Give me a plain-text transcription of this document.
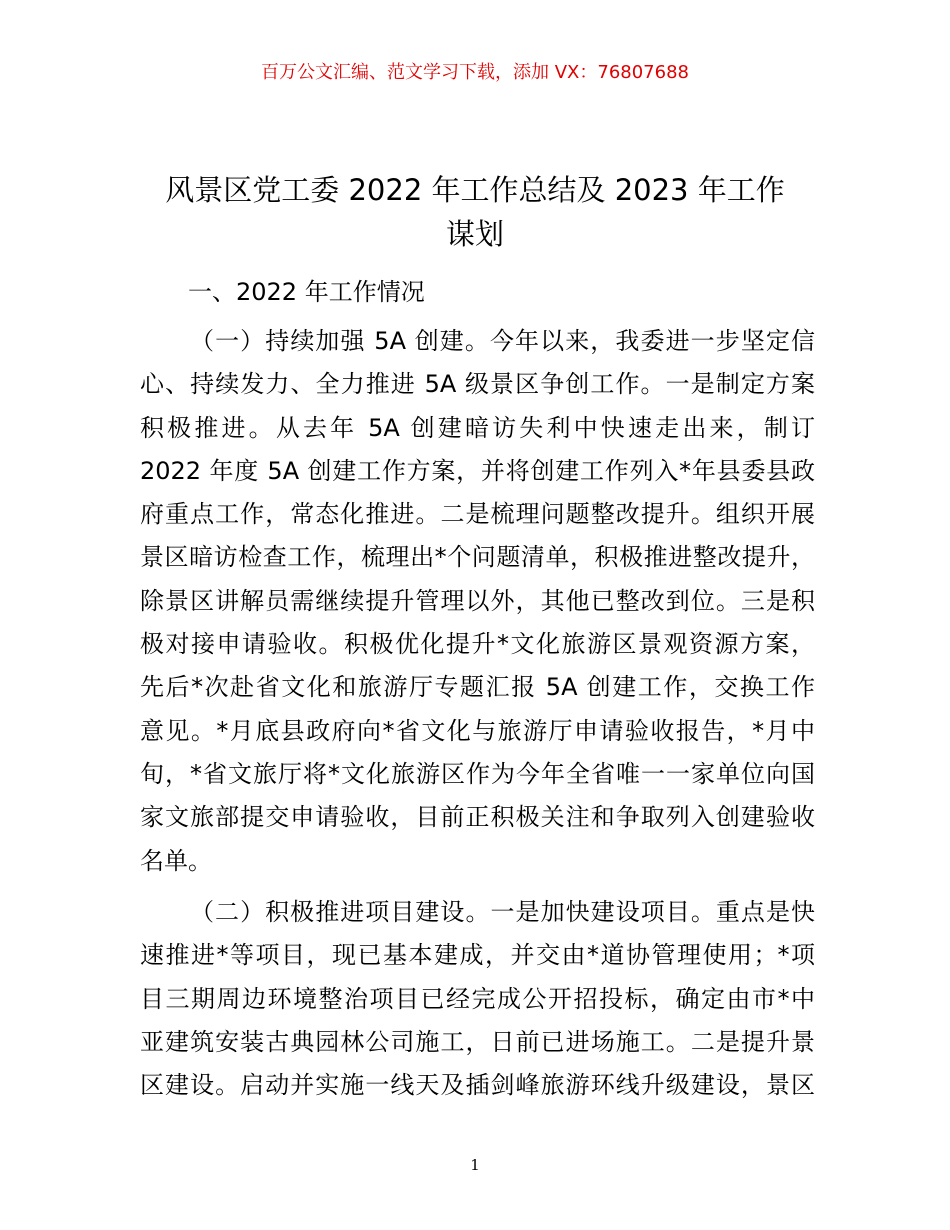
百万公文汇编、范文学习下载，添加 VX：76807688
风景区党工委 2022 年工作总结及 2023 年工作
谋划
一、2022 年工作情况
（一）持续加强 5A 创建。今年以来，我委进一步坚定信
心、持续发力、全力推进 5A 级景区争创工作。一是制定方案
积极推进。从去年 5A 创建暗访失利中快速走出来，制订
2022 年度 5A 创建工作方案，并将创建工作列入*年县委县政
府重点工作，常态化推进。二是梳理问题整改提升。组织开展
景区暗访检查工作，梳理出*个问题清单，积极推进整改提升，
除景区讲解员需继续提升管理以外，其他已整改到位。三是积
极对接申请验收。积极优化提升*文化旅游区景观资源方案，
先后*次赴省文化和旅游厅专题汇报 5A 创建工作，交换工作
意见。*月底县政府向*省文化与旅游厅申请验收报告，*月中
旬，*省文旅厅将*文化旅游区作为今年全省唯一一家单位向国
家文旅部提交申请验收，目前正积极关注和争取列入创建验收
名单。
（二）积极推进项目建设。一是加快建设项目。重点是快
速推进*等项目，现已基本建成，并交由*道协管理使用；*项
目三期周边环境整治项目已经完成公开招投标，确定由市*中
亚建筑安装古典园林公司施工，日前已进场施工。二是提升景
区建设。启动并实施一线天及插剑峰旅游环线升级建设，景区
1
